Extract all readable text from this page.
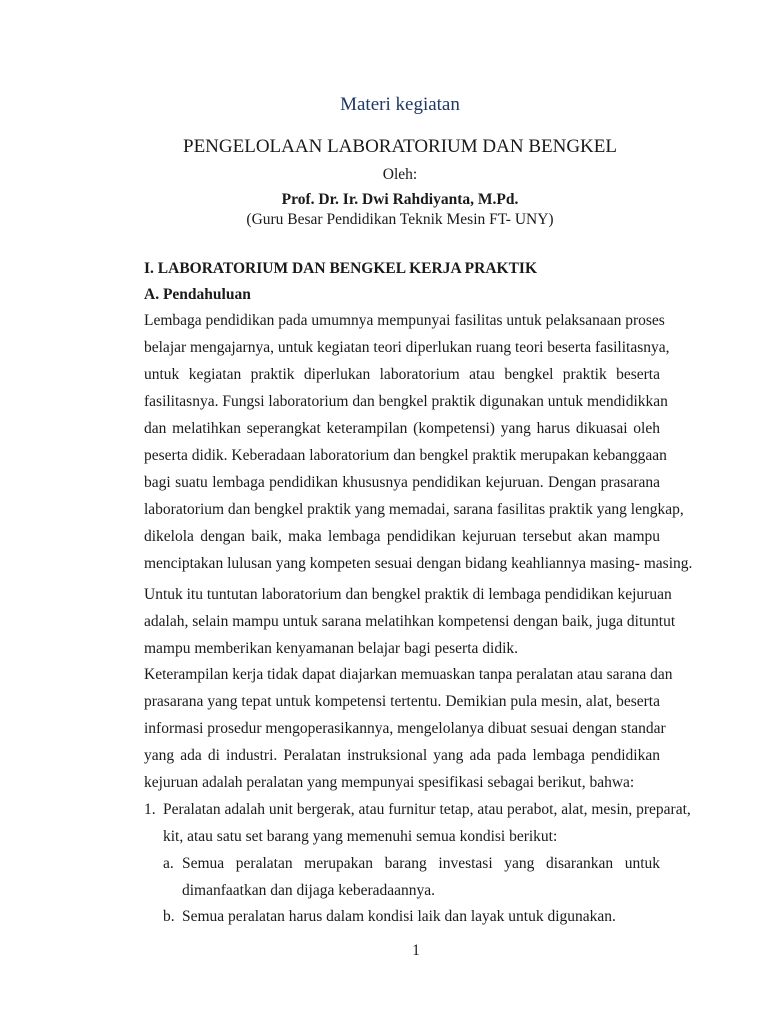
Materi kegiatan
PENGELOLAAN LABORATORIUM DAN BENGKEL
Oleh:
Prof. Dr. Ir. Dwi Rahdiyanta, M.Pd.
(Guru Besar Pendidikan Teknik Mesin FT- UNY)
I. LABORATORIUM DAN BENGKEL KERJA PRAKTIK
A. Pendahuluan
Lembaga pendidikan pada umumnya mempunyai fasilitas untuk pelaksanaan proses
belajar mengajarnya, untuk kegiatan teori diperlukan ruang teori beserta fasilitasnya,
untuk kegiatan praktik diperlukan laboratorium atau bengkel praktik beserta
fasilitasnya. Fungsi laboratorium dan bengkel praktik digunakan untuk mendidikkan
dan melatihkan seperangkat keterampilan (kompetensi) yang harus dikuasai oleh
peserta didik. Keberadaan laboratorium dan bengkel praktik merupakan kebanggaan
bagi suatu lembaga pendidikan khususnya pendidikan kejuruan. Dengan prasarana
laboratorium dan bengkel praktik yang memadai, sarana fasilitas praktik yang lengkap,
dikelola dengan baik, maka lembaga pendidikan kejuruan tersebut akan mampu
menciptakan lulusan yang kompeten sesuai dengan bidang keahliannya masing- masing.
Untuk itu tuntutan laboratorium dan bengkel praktik di lembaga pendidikan kejuruan
adalah, selain mampu untuk sarana melatihkan kompetensi dengan baik, juga dituntut
mampu memberikan kenyamanan belajar bagi peserta didik.
Keterampilan kerja tidak dapat diajarkan memuaskan tanpa peralatan atau sarana dan
prasarana yang tepat untuk kompetensi tertentu. Demikian pula mesin, alat, beserta
informasi prosedur mengoperasikannya, mengelolanya dibuat sesuai dengan standar
yang ada di industri. Peralatan instruksional yang ada pada lembaga pendidikan
kejuruan adalah peralatan yang mempunyai spesifikasi sebagai berikut, bahwa:
1. Peralatan adalah unit bergerak, atau furnitur tetap, atau perabot, alat, mesin, preparat,
kit, atau satu set barang yang memenuhi semua kondisi berikut:
a. Semua peralatan merupakan barang investasi yang disarankan untuk
dimanfaatkan dan dijaga keberadaannya.
b. Semua peralatan harus dalam kondisi laik dan layak untuk digunakan.
1
